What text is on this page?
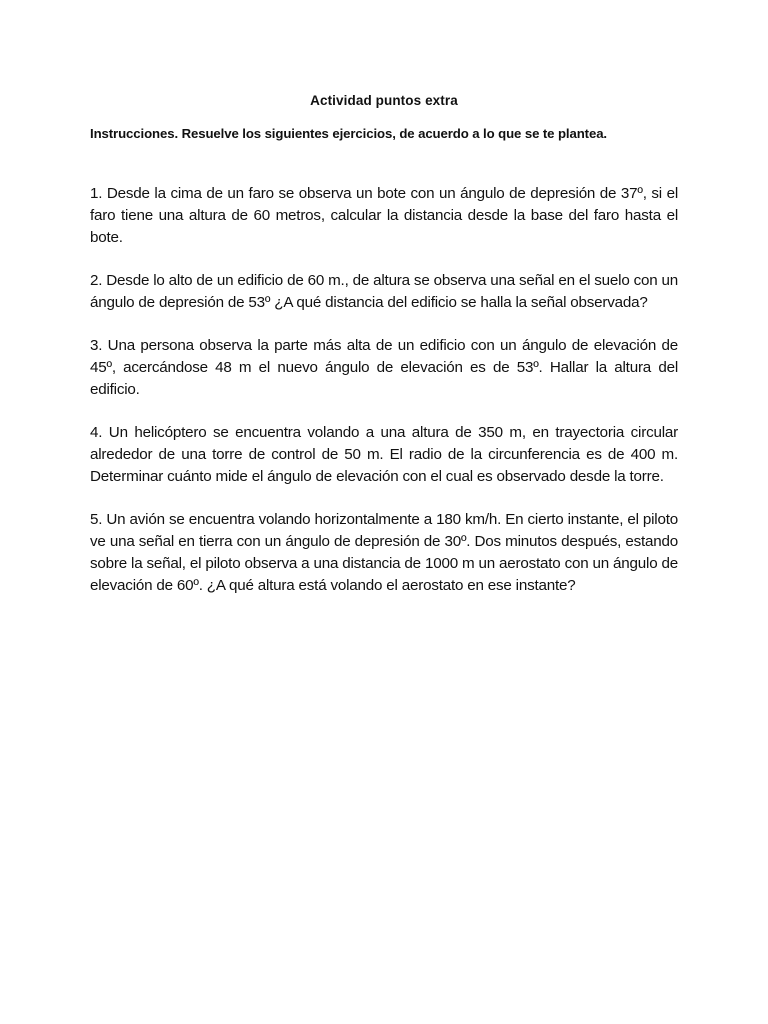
Actividad puntos extra
Instrucciones. Resuelve los siguientes ejercicios, de acuerdo a lo que se te plantea.

1. Desde la cima de un faro se observa un bote con un ángulo de depresión de 37º, si el faro tiene una altura de 60 metros, calcular la distancia desde la base del faro hasta el bote.

2. Desde lo alto de un edificio de 60 m., de altura se observa una señal en el suelo con un ángulo de depresión de 53º ¿A qué distancia del edificio se halla la señal observada?

3. Una persona observa la parte más alta de un edificio con un ángulo de elevación de 45º, acercándose 48 m el nuevo ángulo de elevación es de 53º. Hallar la altura del edificio.

4. Un helicóptero se encuentra volando a una altura de 350 m, en trayectoria circular alrededor de una torre de control de 50 m. El radio de la circunferencia es de 400 m. Determinar cuánto mide el ángulo de elevación con el cual es observado desde la torre.

5. Un avión se encuentra volando horizontalmente a 180 km/h. En cierto instante, el piloto ve una señal en tierra con un ángulo de depresión de 30º. Dos minutos después, estando sobre la señal, el piloto observa a una distancia de 1000 m un aerostato con un ángulo de elevación de 60º. ¿A qué altura está volando el aerostato en ese instante?
